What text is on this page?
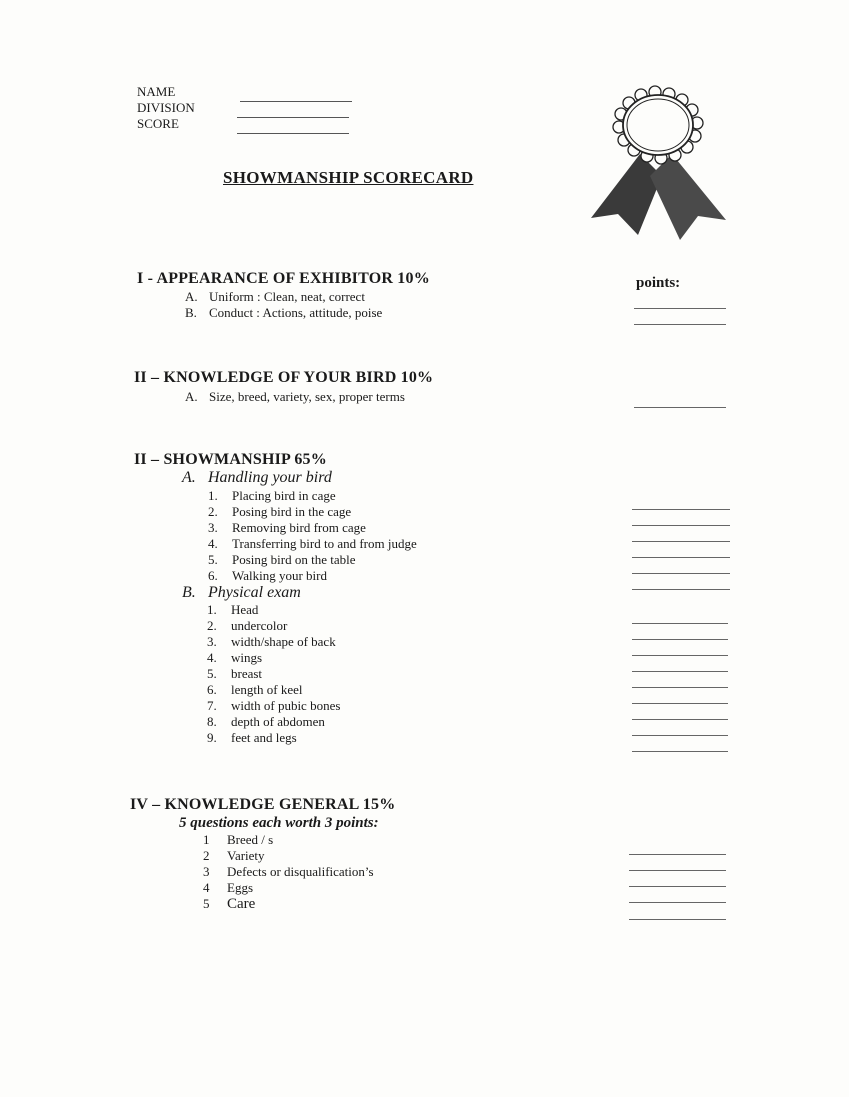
NAME
DIVISION
SCORE
SHOWMANSHIP SCORECARD
points:
I - APPEARANCE OF EXHIBITOR 10%
A. Uniform : Clean, neat, correct
B. Conduct : Actions, attitude, poise
II – KNOWLEDGE OF YOUR BIRD 10%
A. Size, breed, variety, sex, proper terms
II – SHOWMANSHIP 65%
A. Handling your bird
1. Placing bird in cage
2. Posing bird in the cage
3. Removing bird from cage
4. Transferring bird to and from judge
5. Posing bird on the table
6. Walking your bird
B. Physical exam
1. Head
2. undercolor
3. width/shape of back
4. wings
5. breast
6. length of keel
7. width of pubic bones
8. depth of abdomen
9. feet and legs
IV – KNOWLEDGE GENERAL 15%
5 questions each worth 3 points:
1 Breed / s
2 Variety
3 Defects or disqualification’s
4 Eggs
5 Care
